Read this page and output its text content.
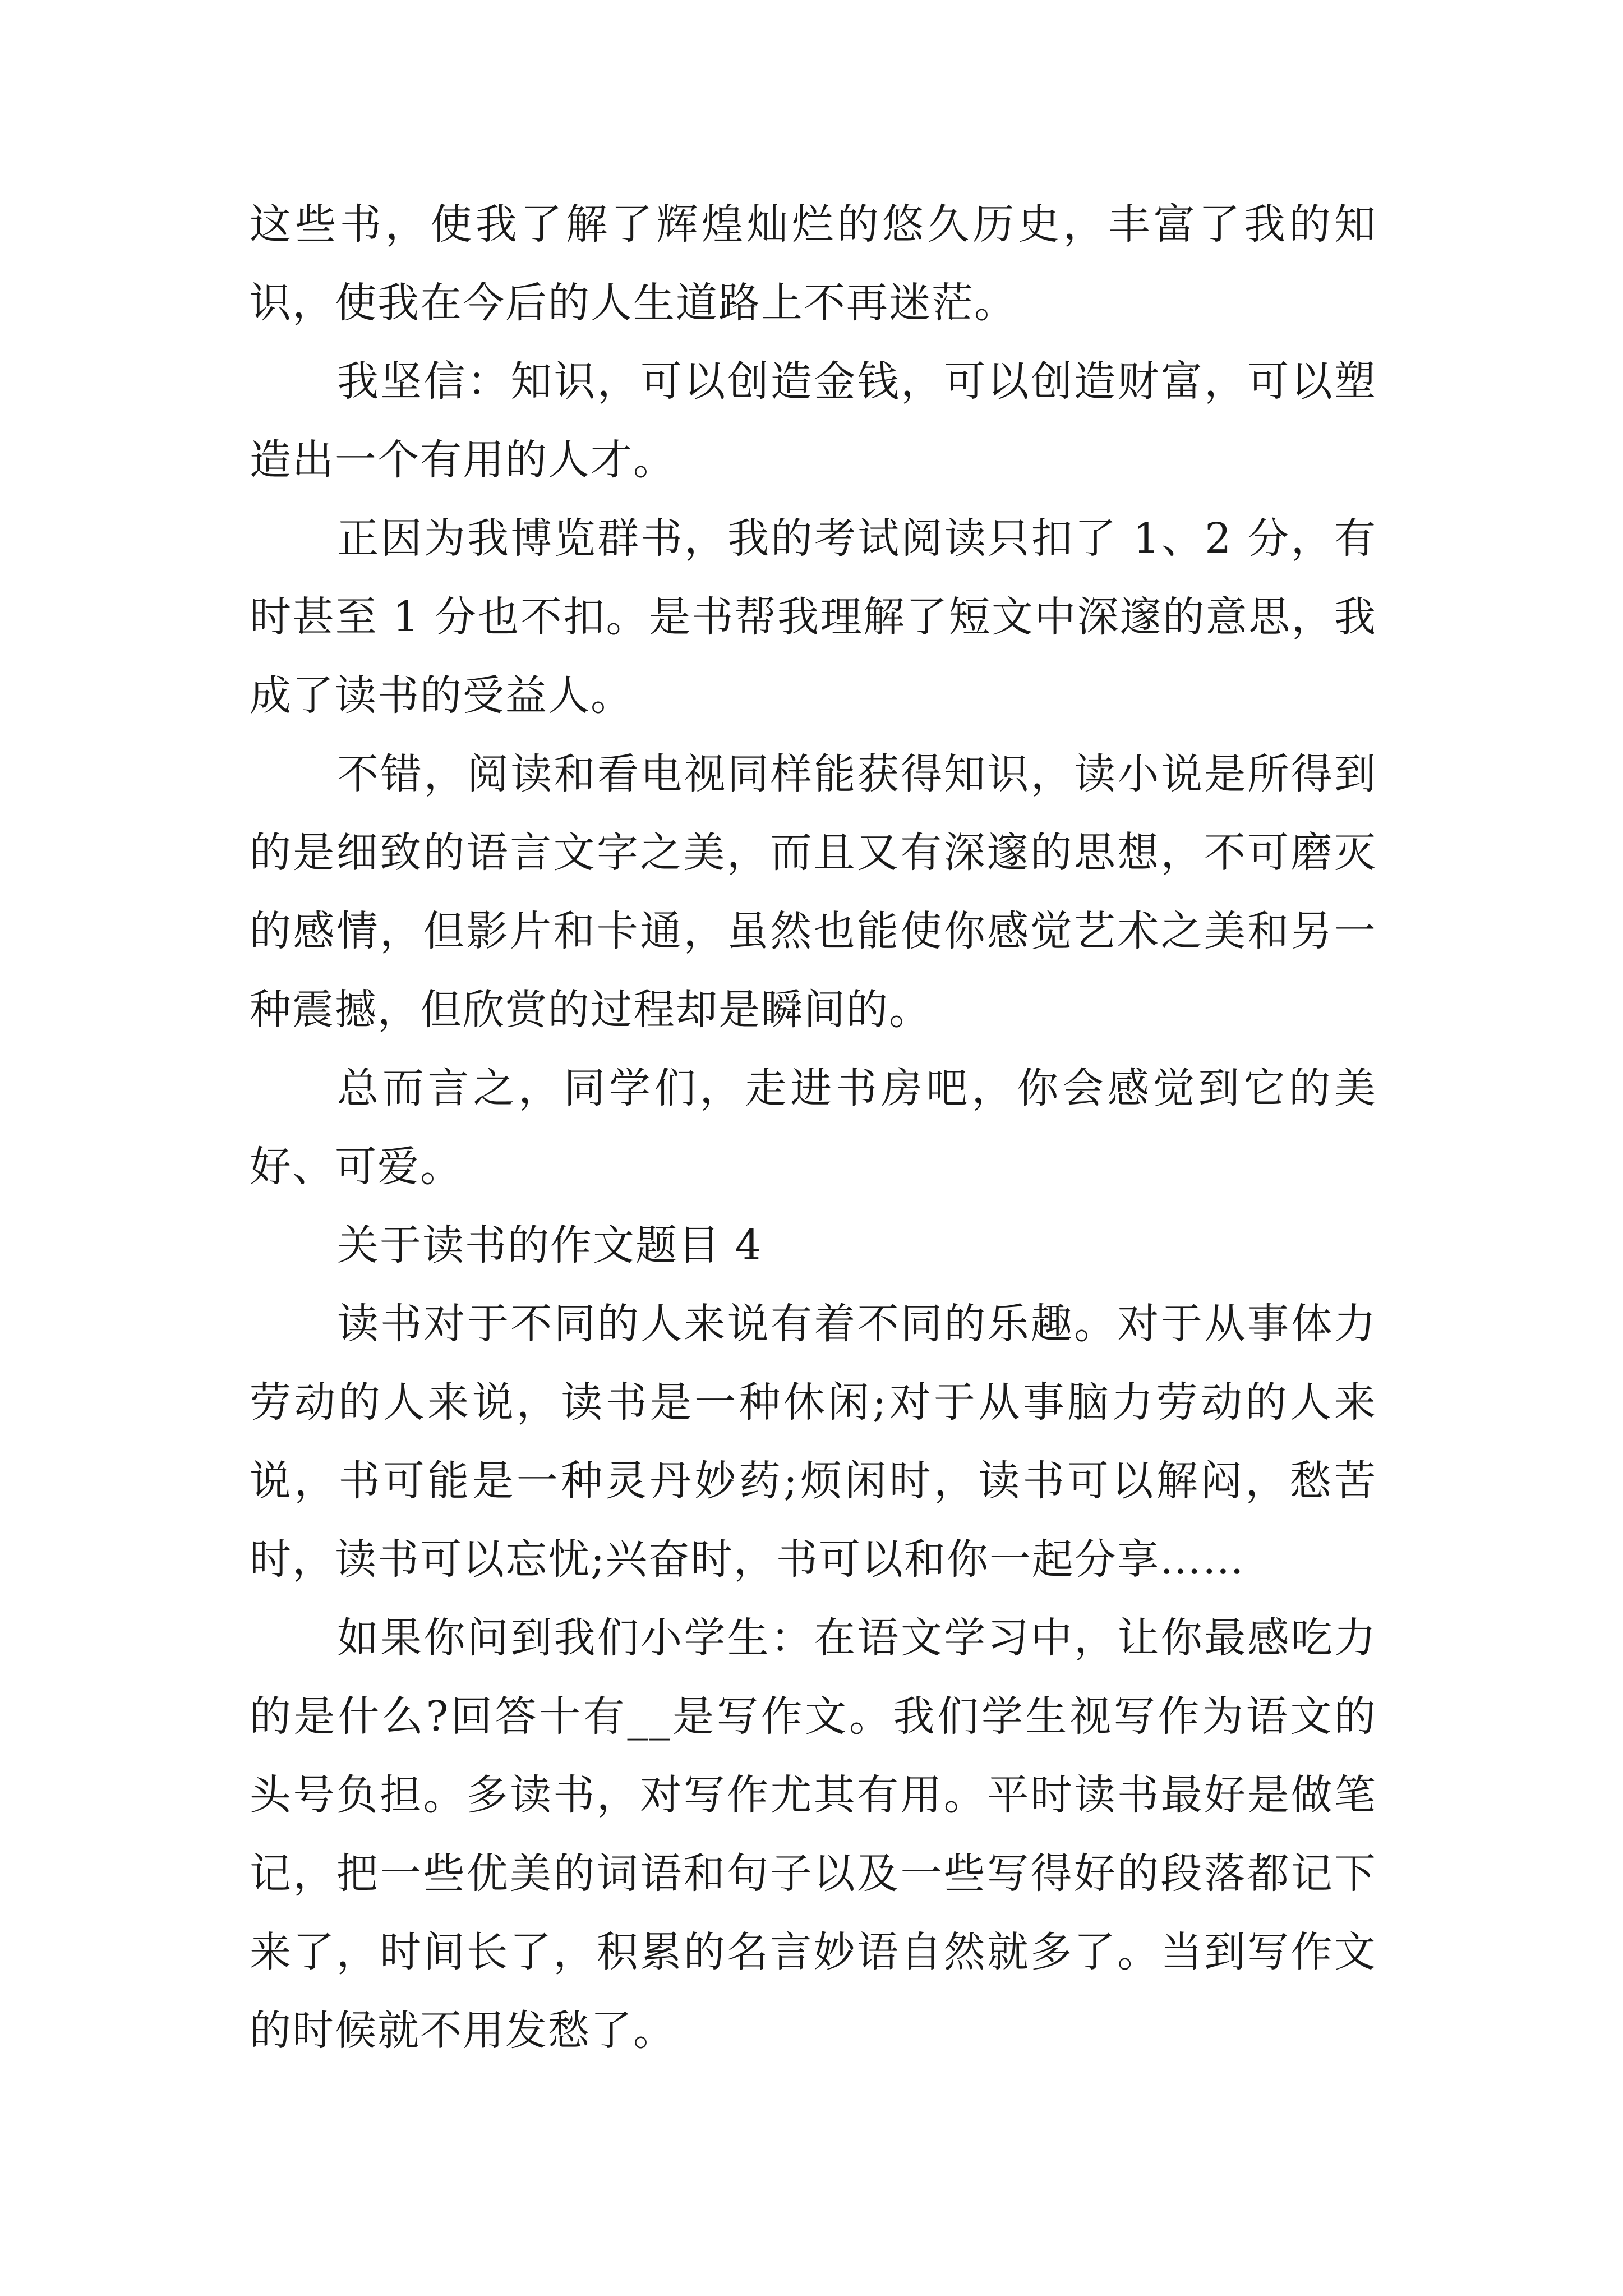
这些书，使我了解了辉煌灿烂的悠久历史，丰富了我的知识，使我在今后的人生道路上不再迷茫。

我坚信：知识，可以创造金钱，可以创造财富，可以塑造出一个有用的人才。

正因为我博览群书，我的考试阅读只扣了 1、2 分，有时甚至 1 分也不扣。是书帮我理解了短文中深邃的意思，我成了读书的受益人。

不错，阅读和看电视同样能获得知识，读小说是所得到的是细致的语言文字之美，而且又有深邃的思想，不可磨灭的感情，但影片和卡通，虽然也能使你感觉艺术之美和另一种震撼，但欣赏的过程却是瞬间的。

总而言之，同学们，走进书房吧，你会感觉到它的美好、可爱。

关于读书的作文题目 4

读书对于不同的人来说有着不同的乐趣。对于从事体力劳动的人来说，读书是一种休闲;对于从事脑力劳动的人来说，书可能是一种灵丹妙药;烦闲时，读书可以解闷，愁苦时，读书可以忘忧;兴奋时，书可以和你一起分享……

如果你问到我们小学生：在语文学习中，让你最感吃力的是什么?回答十有__是写作文。我们学生视写作为语文的头号负担。多读书，对写作尤其有用。平时读书最好是做笔记，把一些优美的词语和句子以及一些写得好的段落都记下来了，时间长了，积累的名言妙语自然就多了。当到写作文的时候就不用发愁了。
